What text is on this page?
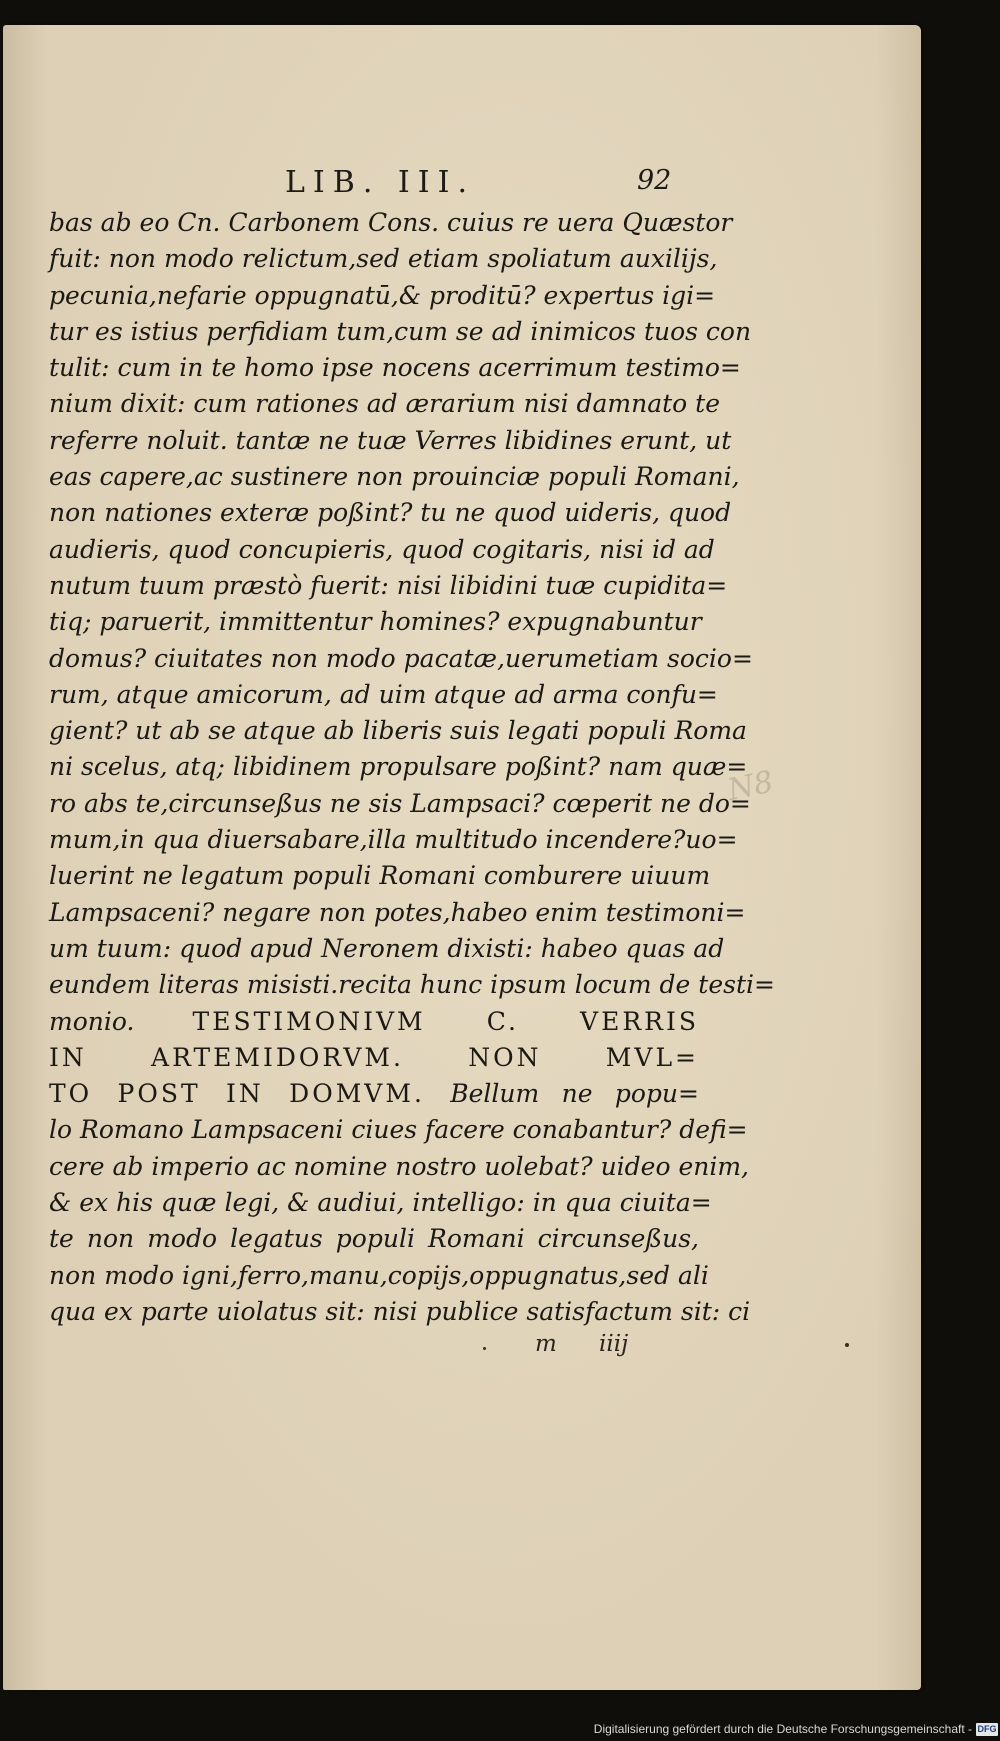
LIB. III.	92
bas ab eo Cn. Carbonem Cons. cuius re uera Quæstor
fuit: non modo relictum,sed etiam spoliatum auxilijs,
pecunia,nefarie oppugnatū,& proditū? expertus igi=
tur es istius perfidiam tum,cum se ad inimicos tuos con
tulit: cum in te homo ipse nocens acerrimum testimo=
nium dixit: cum rationes ad ærarium nisi damnato te
referre noluit. tantæ ne tuæ Verres libidines erunt, ut
eas capere,ac sustinere non prouinciæ populi Romani,
non nationes exteræ poßint? tu ne quod uideris, quod
audieris, quod concupieris, quod cogitaris, nisi id ad
nutum tuum præstò fuerit: nisi libidini tuæ cupidita=
tiq; paruerit, immittentur homines? expugnabuntur
domus? ciuitates non modo pacatæ,uerumetiam socio=
rum, atque amicorum, ad uim atque ad arma confu=
gient? ut ab se atque ab liberis suis legati populi Roma
ni scelus, atq; libidinem propulsare poßint? nam quæ=
ro abs te,circunseßus ne sis Lampsaci? cœperit ne do=
mum,in qua diuersabare,illa multitudo incendere?uo=
luerint ne legatum populi Romani comburere uiuum
Lampsaceni? negare non potes,habeo enim testimoni=
um tuum: quod apud Neronem dixisti: habeo quas ad
eundem literas misisti.recita hunc ipsum locum de testi=
monio. TESTIMONIVM C. VERRIS
IN ARTEMIDORVM. NON MVL=
TO POST IN DOMVM. Bellum ne popu=
lo Romano Lampsaceni ciues facere conabantur? defi=
cere ab imperio ac nomine nostro uolebat? uideo enim,
& ex his quæ legi, & audiui, intelligo: in qua ciuita=
te non modo legatus populi Romani circunseßus,
non modo igni,ferro,manu,copijs,oppugnatus,sed ali
qua ex parte uiolatus sit: nisi publice satisfactum sit: ci
m iiij
N8
Digitalisierung gefördert durch die Deutsche Forschungsgemeinschaft - DFG
